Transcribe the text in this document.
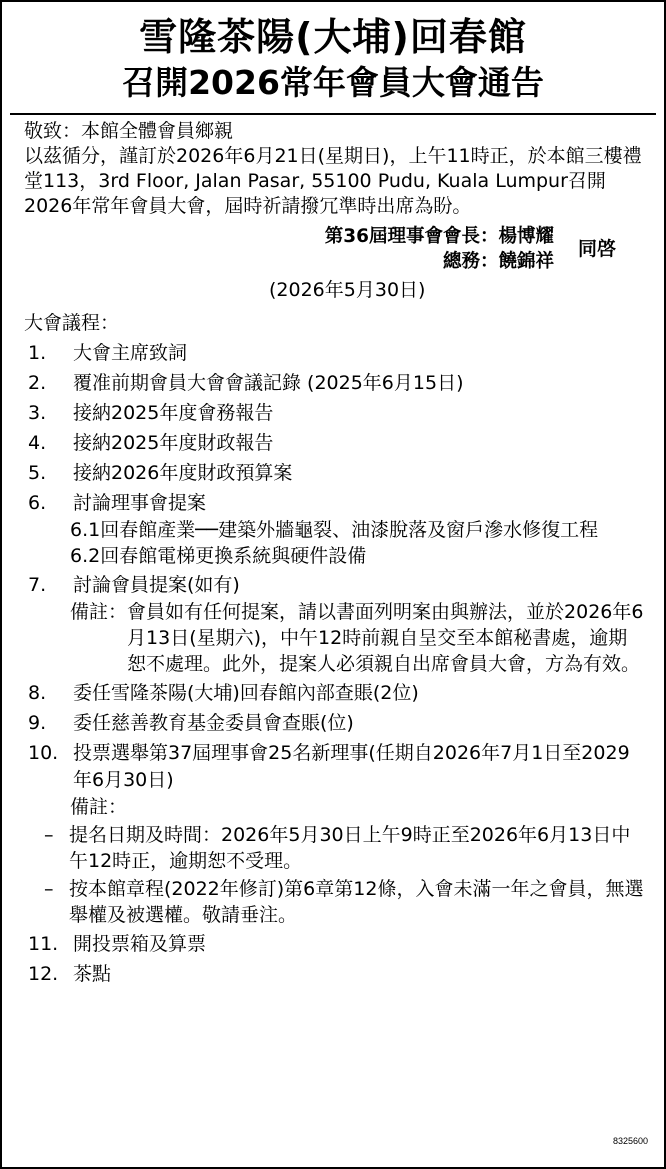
雪隆茶陽(大埔)回春館
召開2026常年會員大會通告

敬致：本館全體會員鄉親

以茲循分，謹訂於2026年6月21日(星期日)，上午11時正，於本館三樓禮堂113，3rd Floor, Jalan Pasar, 55100 Pudu, Kuala Lumpur召開2026年常年會員大會，屆時祈請撥冗準時出席為盼。

第36屆理事會會長：楊博耀
總務：饒錦祥
同啓
(2026年5月30日)
大會議程：
1.	大會主席致詞
2.	覆准前期會員大會會議記錄 (2025年6月15日)
3.	接納2025年度會務報告
4.	接納2025年度財政報告
5.	接納2026年度財政預算案
6.	討論理事會提案
6.1回春館產業──建築外牆龜裂、油漆脫落及窗戶滲水修復工程
6.2回春館電梯更換系統與硬件設備
7.	討論會員提案(如有)
備註： 會員如有任何提案，請以書面列明案由與辦法，並於2026年6月13日(星期六)，中午12時前親自呈交至本館秘書處，逾期恕不處理。此外，提案人必須親自出席會員大會，方為有效。
8.	委任雪隆茶陽(大埔)回春館內部查賬(2位)
9.	委任慈善教育基金委員會查賬(位)
10. 投票選舉第37屆理事會25名新理事(任期自2026年7月1日至2029年6月30日)
備註：
– 提名日期及時間：2026年5月30日上午9時正至2026年6月13日中午12時正，逾期恕不受理。
– 按本館章程(2022年修訂)第6章第12條，入會未滿一年之會員，無選舉權及被選權。敬請垂注。
11. 開投票箱及算票
12. 茶點
8325600
